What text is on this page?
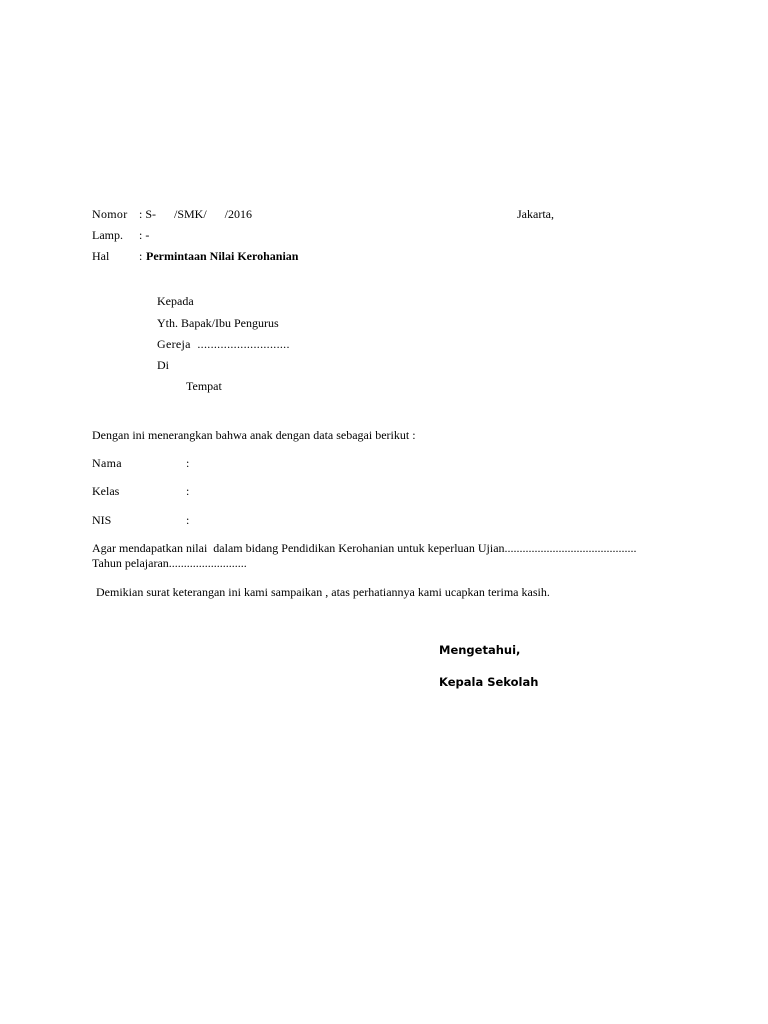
Nomor : S-      /SMK/      /2016	Jakarta,
Lamp. : -
Hal : Permintaan Nilai Kerohanian
Kepada
Yth. Bapak/Ibu Pengurus
Gereja  ............................
Di
Tempat
Dengan ini menerangkan bahwa anak dengan data sebagai berikut :
Nama	:
Kelas	:
NIS	:
Agar mendapatkan nilai  dalam bidang Pendidikan Kerohanian untuk keperluan Ujian............................................
Tahun pelajaran..........................
Demikian surat keterangan ini kami sampaikan , atas perhatiannya kami ucapkan terima kasih.
Mengetahui,
Kepala Sekolah
